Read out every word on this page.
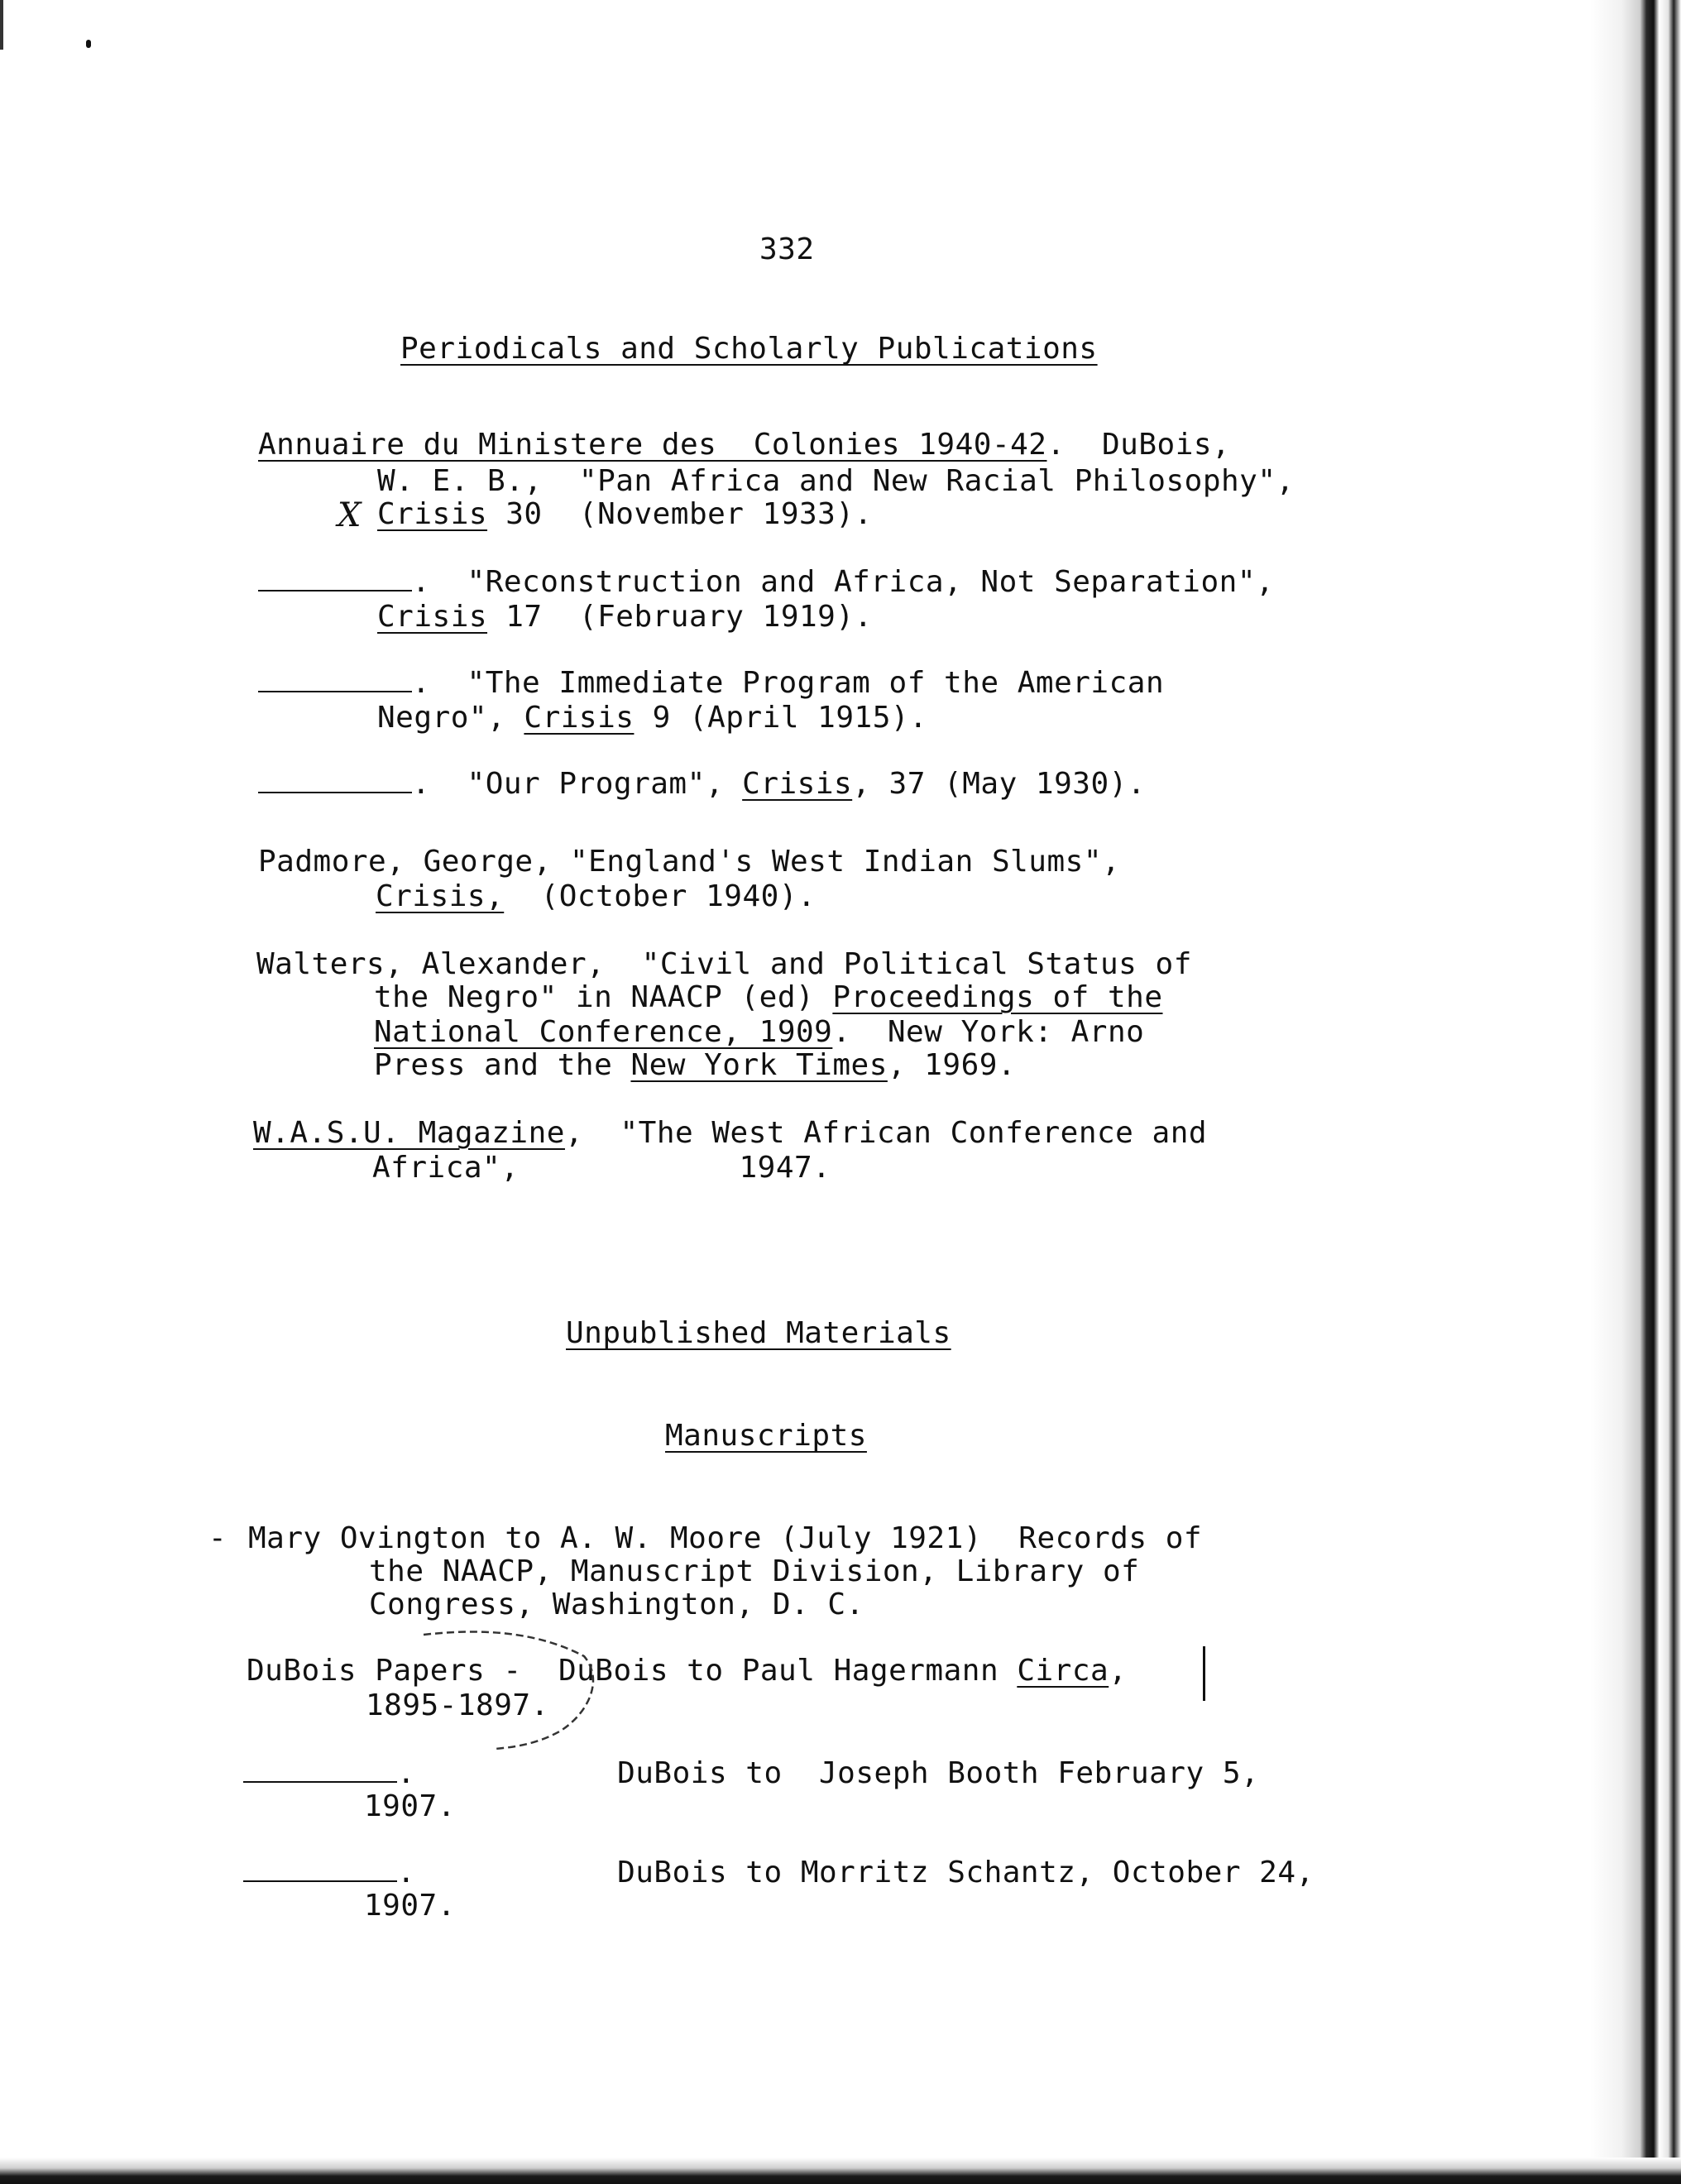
332
Periodicals and Scholarly Publications
Annuaire du Ministere des  Colonies 1940-42.  DuBois,
W. E. B.,  "Pan Africa and New Racial Philosophy",
Crisis 30  (November 1933).
X
.  "Reconstruction and Africa, Not Separation",
Crisis 17  (February 1919).
.  "The Immediate Program of the American
Negro", Crisis 9 (April 1915).
.  "Our Program", Crisis, 37 (May 1930).
Padmore, George, "England's West Indian Slums",
Crisis,  (October 1940).
Walters, Alexander,  "Civil and Political Status of
the Negro" in NAACP (ed) Proceedings of the
National Conference, 1909.  New York: Arno
Press and the New York Times, 1969.
W.A.S.U. Magazine,  "The West African Conference and
Africa",            1947.
Unpublished Materials
Manuscripts
- Mary Ovington to A. W. Moore (July 1921)  Records of
the NAACP, Manuscript Division, Library of
Congress, Washington, D. C.
DuBois Papers -  DuBois to Paul Hagermann Circa,
1895-1897.
.           DuBois to  Joseph Booth February 5,
1907.
.           DuBois to Morritz Schantz, October 24,
1907.
